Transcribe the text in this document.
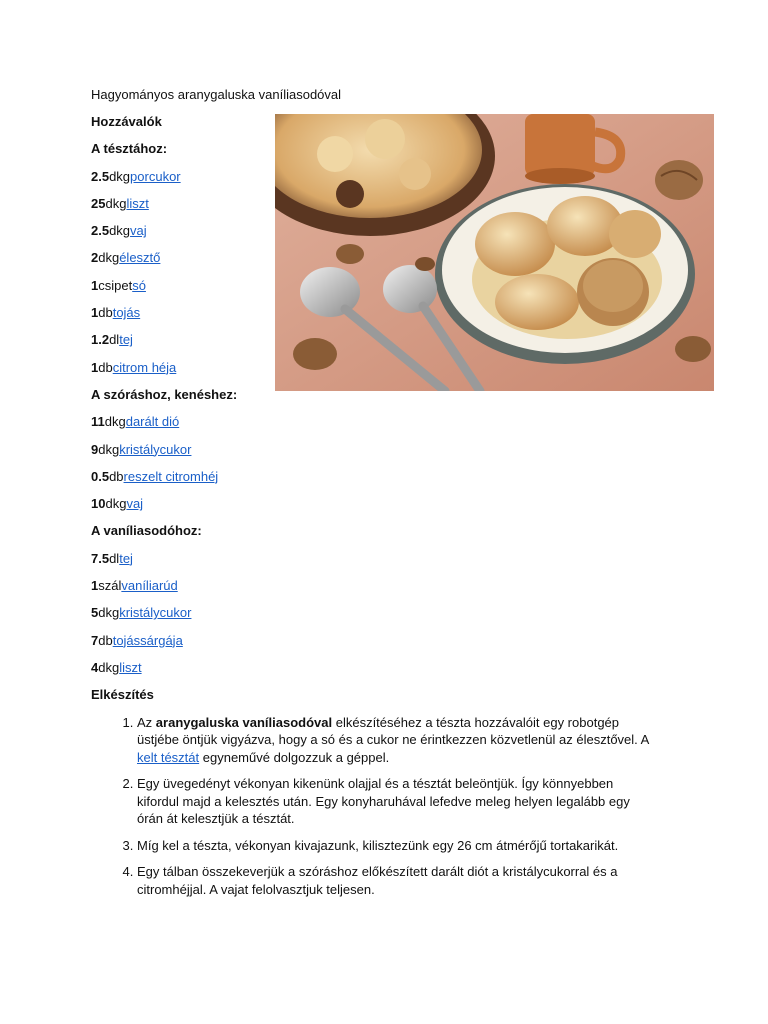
Hagyományos aranygaluska vaníliasodóval
Hozzávalók
A tésztához:
2.5dkgporcukor
25dkgliszt
2.5dkgvaj
2dkgélesztő
1csipetsó
1dbtojás
1.2dltej
1dbcitrom héja
A szóráshoz, kenéshez:
11dkgdarált dió
9dkgkristálycukor
0.5dbreszelt citromhéj
10dkgvaj
A vaníliasodóhoz:
7.5dltej
1szálvaníliarúd
5dkgkristálycukor
7dbtojássárgája
4dkgliszt
Elkészítés
1. Az aranygaluska vaníliasodóval elkészítéséhez a tészta hozzávalóit egy robotgép üstjébe öntjük vigyázva, hogy a só és a cukor ne érintkezzen közvetlenül az élesztővel. A kelt tésztát egyneművé dolgozzuk a géppel.
2. Egy üvegedényt vékonyan kikenünk olajjal és a tésztát beleöntjük. Így könnyebben kifordul majd a kelesztés után. Egy konyharuhával lefedve meleg helyen legalább egy órán át kelesztjük a tésztát.
3. Míg kel a tészta, vékonyan kivajazunk, kilisztezünk egy 26 cm átmérőjű tortakarikát.
4. Egy tálban összekeverjük a szóráshoz előkészített darált diót a kristálycukorral és a citromhéjjal. A vajat felolvasztjuk teljesen.
